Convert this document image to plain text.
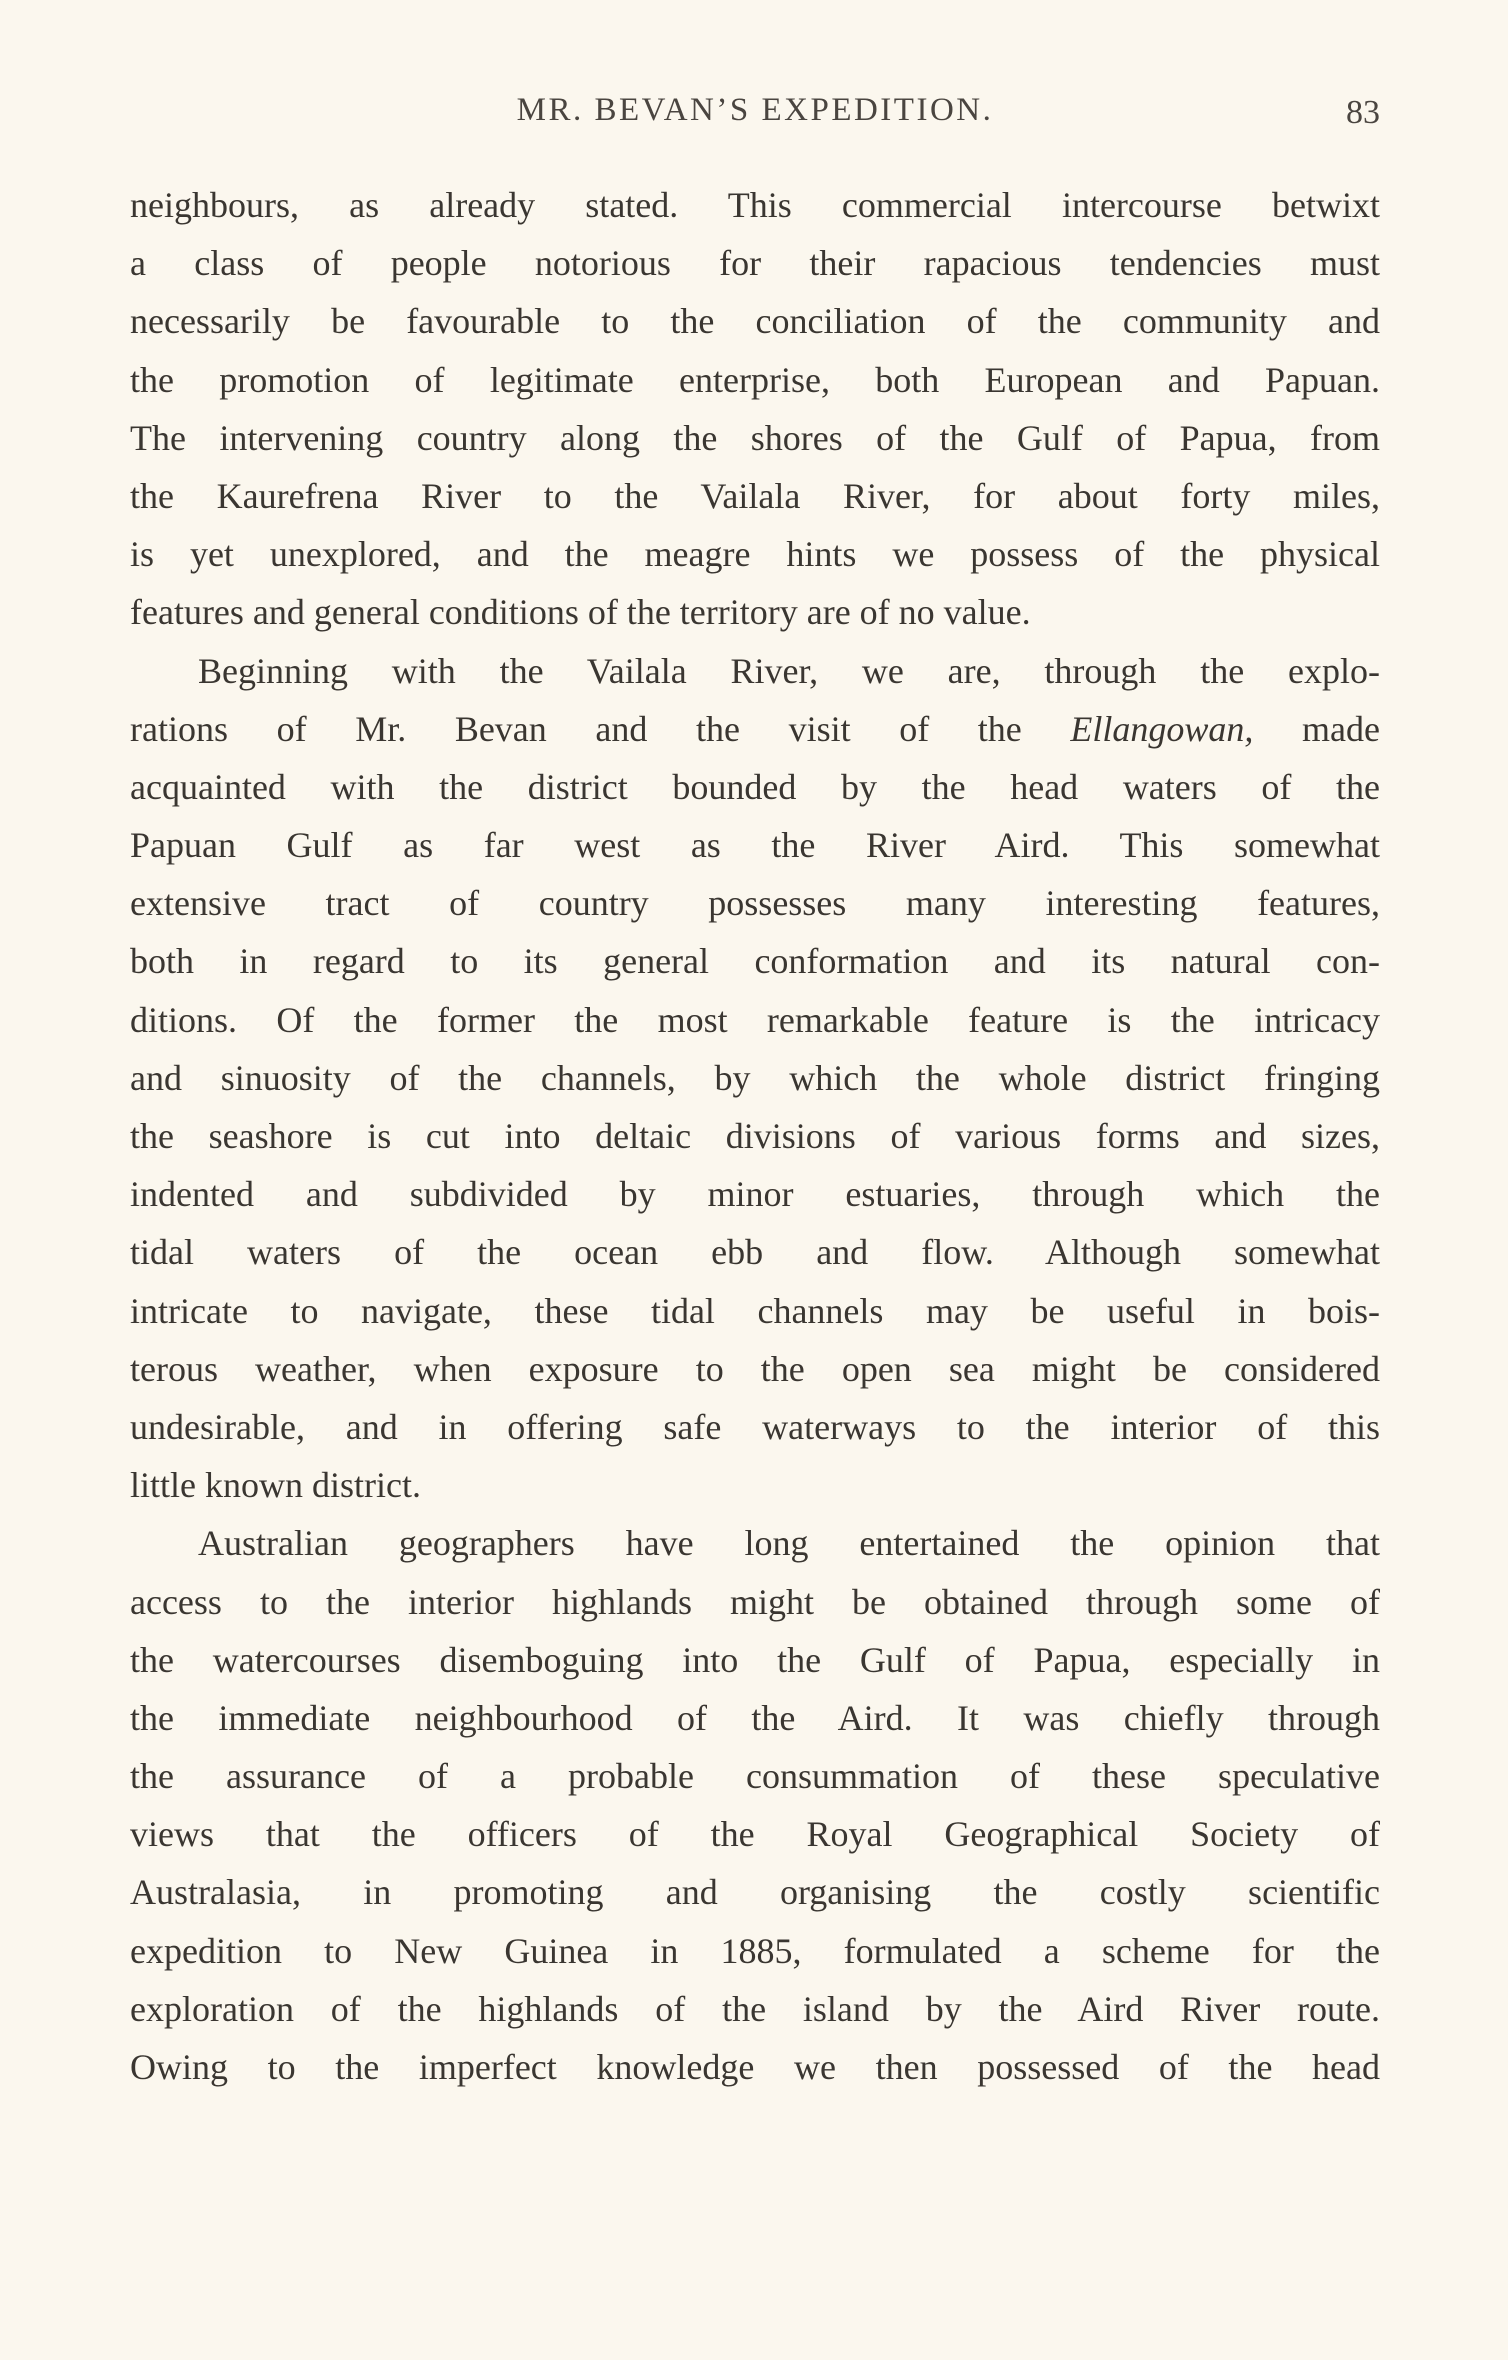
MR. BEVAN’S EXPEDITION.	83
neighbours, as already stated. This commercial intercourse betwixt
a class of people notorious for their rapacious tendencies must
necessarily be favourable to the conciliation of the community and
the promotion of legitimate enterprise, both European and Papuan.
The intervening country along the shores of the Gulf of Papua, from
the Kaurefrena River to the Vailala River, for about forty miles,
is yet unexplored, and the meagre hints we possess of the physical
features and general conditions of the territory are of no value.
Beginning with the Vailala River, we are, through the explo-
rations of Mr. Bevan and the visit of the Ellangowan, made
acquainted with the district bounded by the head waters of the
Papuan Gulf as far west as the River Aird. This somewhat
extensive tract of country possesses many interesting features,
both in regard to its general conformation and its natural con-
ditions. Of the former the most remarkable feature is the intricacy
and sinuosity of the channels, by which the whole district fringing
the seashore is cut into deltaic divisions of various forms and sizes,
indented and subdivided by minor estuaries, through which the
tidal waters of the ocean ebb and flow. Although somewhat
intricate to navigate, these tidal channels may be useful in bois-
terous weather, when exposure to the open sea might be considered
undesirable, and in offering safe waterways to the interior of this
little known district.
Australian geographers have long entertained the opinion that
access to the interior highlands might be obtained through some of
the watercourses disemboguing into the Gulf of Papua, especially in
the immediate neighbourhood of the Aird. It was chiefly through
the assurance of a probable consummation of these speculative
views that the officers of the Royal Geographical Society of
Australasia, in promoting and organising the costly scientific
expedition to New Guinea in 1885, formulated a scheme for the
exploration of the highlands of the island by the Aird River route.
Owing to the imperfect knowledge we then possessed of the head
